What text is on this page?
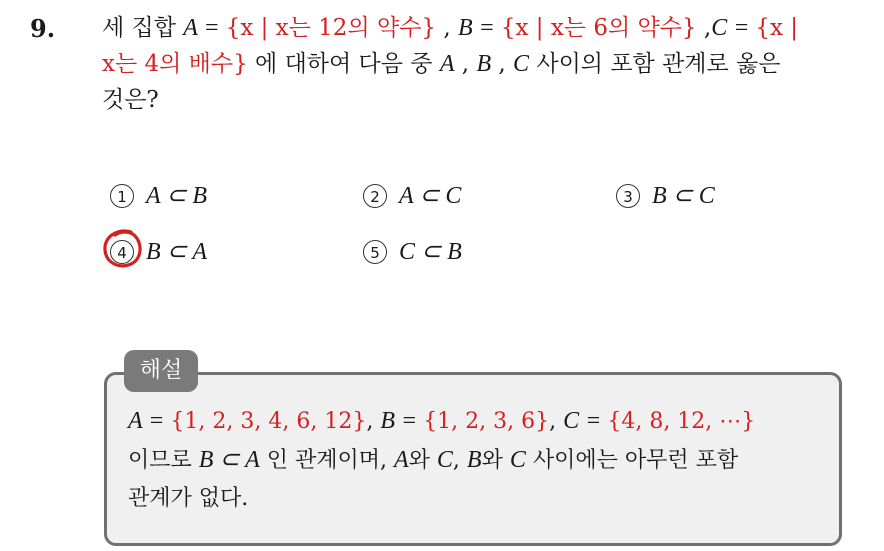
9. 세 집합 A = {x | x는 12의 약수} , B = {x | x는 6의 약수} ,C = {x |
x는 4의 배수} 에 대하여 다음 중 A , B , C 사이의 포함 관계로 옳은
것은?
1 A ⊂ B	2 A ⊂ C	3 B ⊂ C
4 B ⊂ A	5 C ⊂ B
해설
A = {1, 2, 3, 4, 6, 12}, B = {1, 2, 3, 6}, C = {4, 8, 12, ⋯}
이므로 B ⊂ A 인 관계이며, A와 C, B와 C 사이에는 아무런 포함
관계가 없다.
